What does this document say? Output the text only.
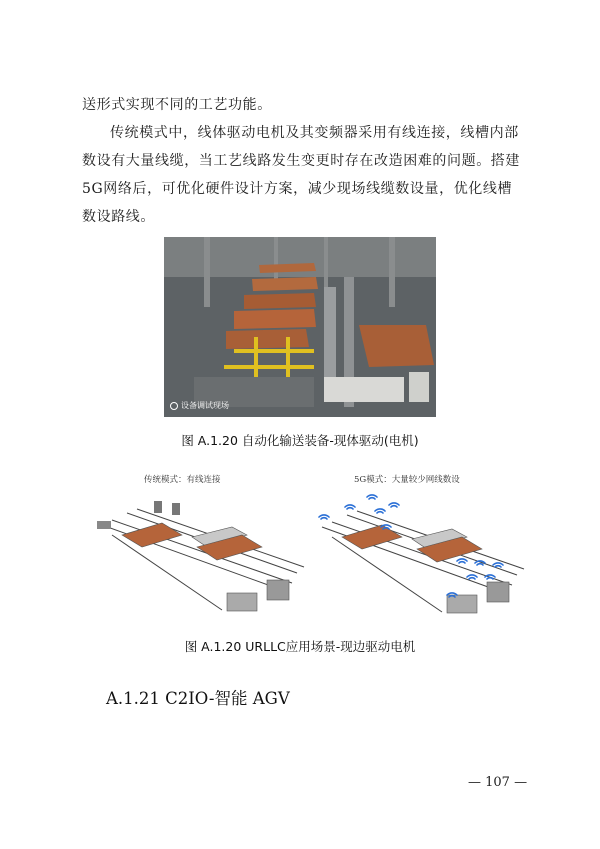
送形式实现不同的工艺功能。

传统模式中，线体驱动电机及其变频器采用有线连接，线槽内部数设有大量线缆，当工艺线路发生变更时存在改造困难的问题。搭建5G网络后，可优化硬件设计方案，减少现场线缆数设量，优化线槽数设路线。

设备调试现场
图 A.1.20 自动化输送装备-现体驱动(电机)
传统模式：有线连接	5G模式：大量较少网线数设
图 A.1.20 URLLC应用场景-现边驱动电机
A.1.21 C2IO-智能 AGV
— 107 —
